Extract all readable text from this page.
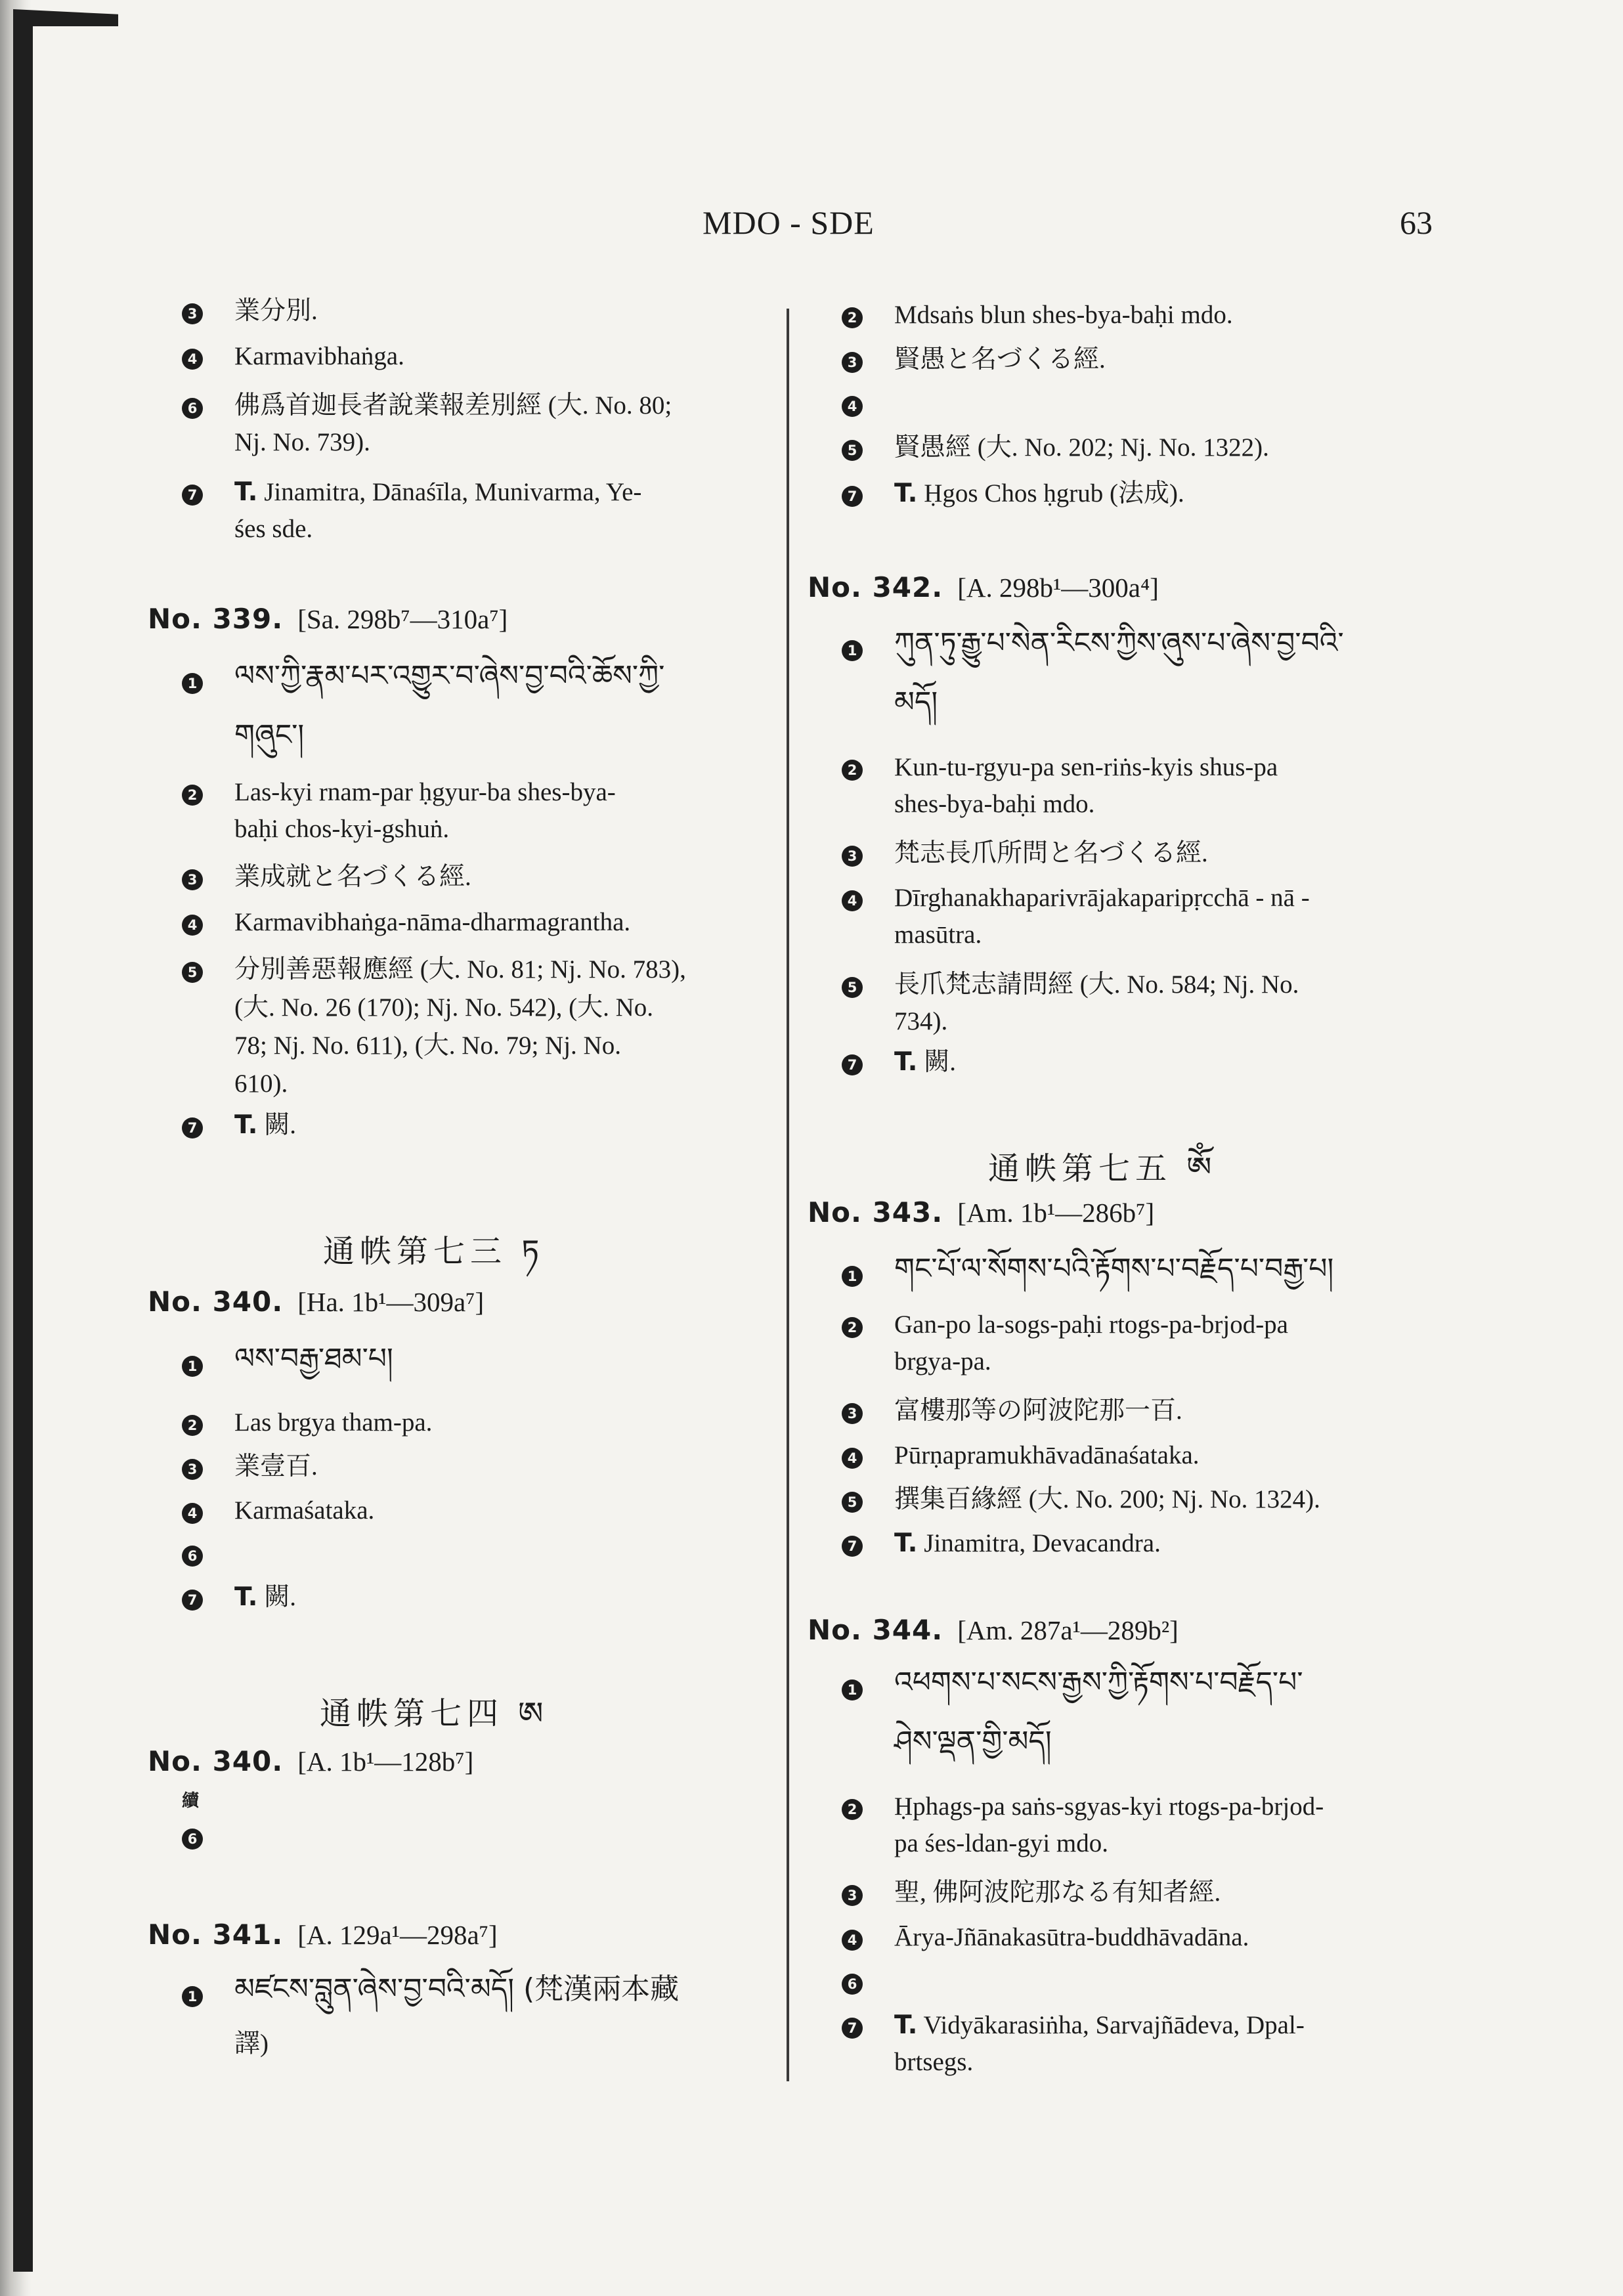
MDO - SDE	63
3 業分別.
4 Karmavibhaṅga.
6 佛爲首迦長者說業報差別經 (大. No. 80;
Nj. No. 739).
7 T. Jinamitra, Dānaśīla, Munivarma, Ye-
śes sde.
No. 339. [Sa. 298b⁷—310a⁷]
1 ལས་ཀྱི་རྣམ་པར་འགྱུར་བ་ཞེས་བྱ་བའི་ཆོས་ཀྱི་
གཞུང་།
2 Las-kyi rnam-par ḥgyur-ba shes-bya-
baḥi chos-kyi-gshuṅ.
3 業成就と名づくる經.
4 Karmavibhaṅga-nāma-dharmagrantha.
5 分別善惡報應經 (大. No. 81; Nj. No. 783),
(大. No. 26 (170); Nj. No. 542), (大. No.
78; Nj. No. 611), (大. No. 79; Nj. No.
610).
7 T. 闕.
通帙第七三 ཏ
No. 340. [Ha. 1b¹—309a⁷]
1 ལས་བརྒྱ་ཐམ་པ།
2 Las brgya tham-pa.
3 業壹百.
4 Karmaśataka.
6
7 T. 闕.
通帙第七四 ཨ
No. 340. [A. 1b¹—128b⁷]
續
6
No. 341. [A. 129a¹—298a⁷]
1 མཛངས་བླུན་ཞེས་བྱ་བའི་མདོ། (梵漢兩本藏
譯)
2 Mdsaṅs blun shes-bya-baḥi mdo.
3 賢愚と名づくる經.
4
5 賢愚經 (大. No. 202; Nj. No. 1322).
7 T. Ḥgos Chos ḥgrub (法成).
No. 342. [A. 298b¹—300a⁴]
1 ཀུན་ཏུ་རྒྱུ་པ་སེན་རིངས་ཀྱིས་ཞུས་པ་ཞེས་བྱ་བའི་
མདོ།
2 Kun-tu-rgyu-pa sen-riṅs-kyis shus-pa
shes-bya-baḥi mdo.
3 梵志長爪所問と名づくる經.
4 Dīrghanakhaparivrājakaparipṛcchā - nā -
masūtra.
5 長爪梵志請問經 (大. No. 584; Nj. No.
734).
7 T. 闕.
通帙第七五 ཨོཾ
No. 343. [Am. 1b¹—286b⁷]
1 གང་པོ་ལ་སོགས་པའི་རྟོགས་པ་བརྗོད་པ་བརྒྱ་པ།
2 Gan-po la-sogs-paḥi rtogs-pa-brjod-pa
brgya-pa.
3 富樓那等の阿波陀那一百.
4 Pūrṇapramukhāvadānaśataka.
5 撰集百緣經 (大. No. 200; Nj. No. 1324).
7 T. Jinamitra, Devacandra.
No. 344. [Am. 287a¹—289b²]
1 འཕགས་པ་སངས་རྒྱས་ཀྱི་རྟོགས་པ་བརྗོད་པ་
ཤེས་ལྡན་གྱི་མདོ།
2 Ḥphags-pa saṅs-sgyas-kyi rtogs-pa-brjod-
pa śes-ldan-gyi mdo.
3 聖, 佛阿波陀那なる有知者經.
4 Ārya-Jñānakasūtra-buddhāvadāna.
6
7 T. Vidyākarasiṅha, Sarvajñādeva, Dpal-
brtsegs.
